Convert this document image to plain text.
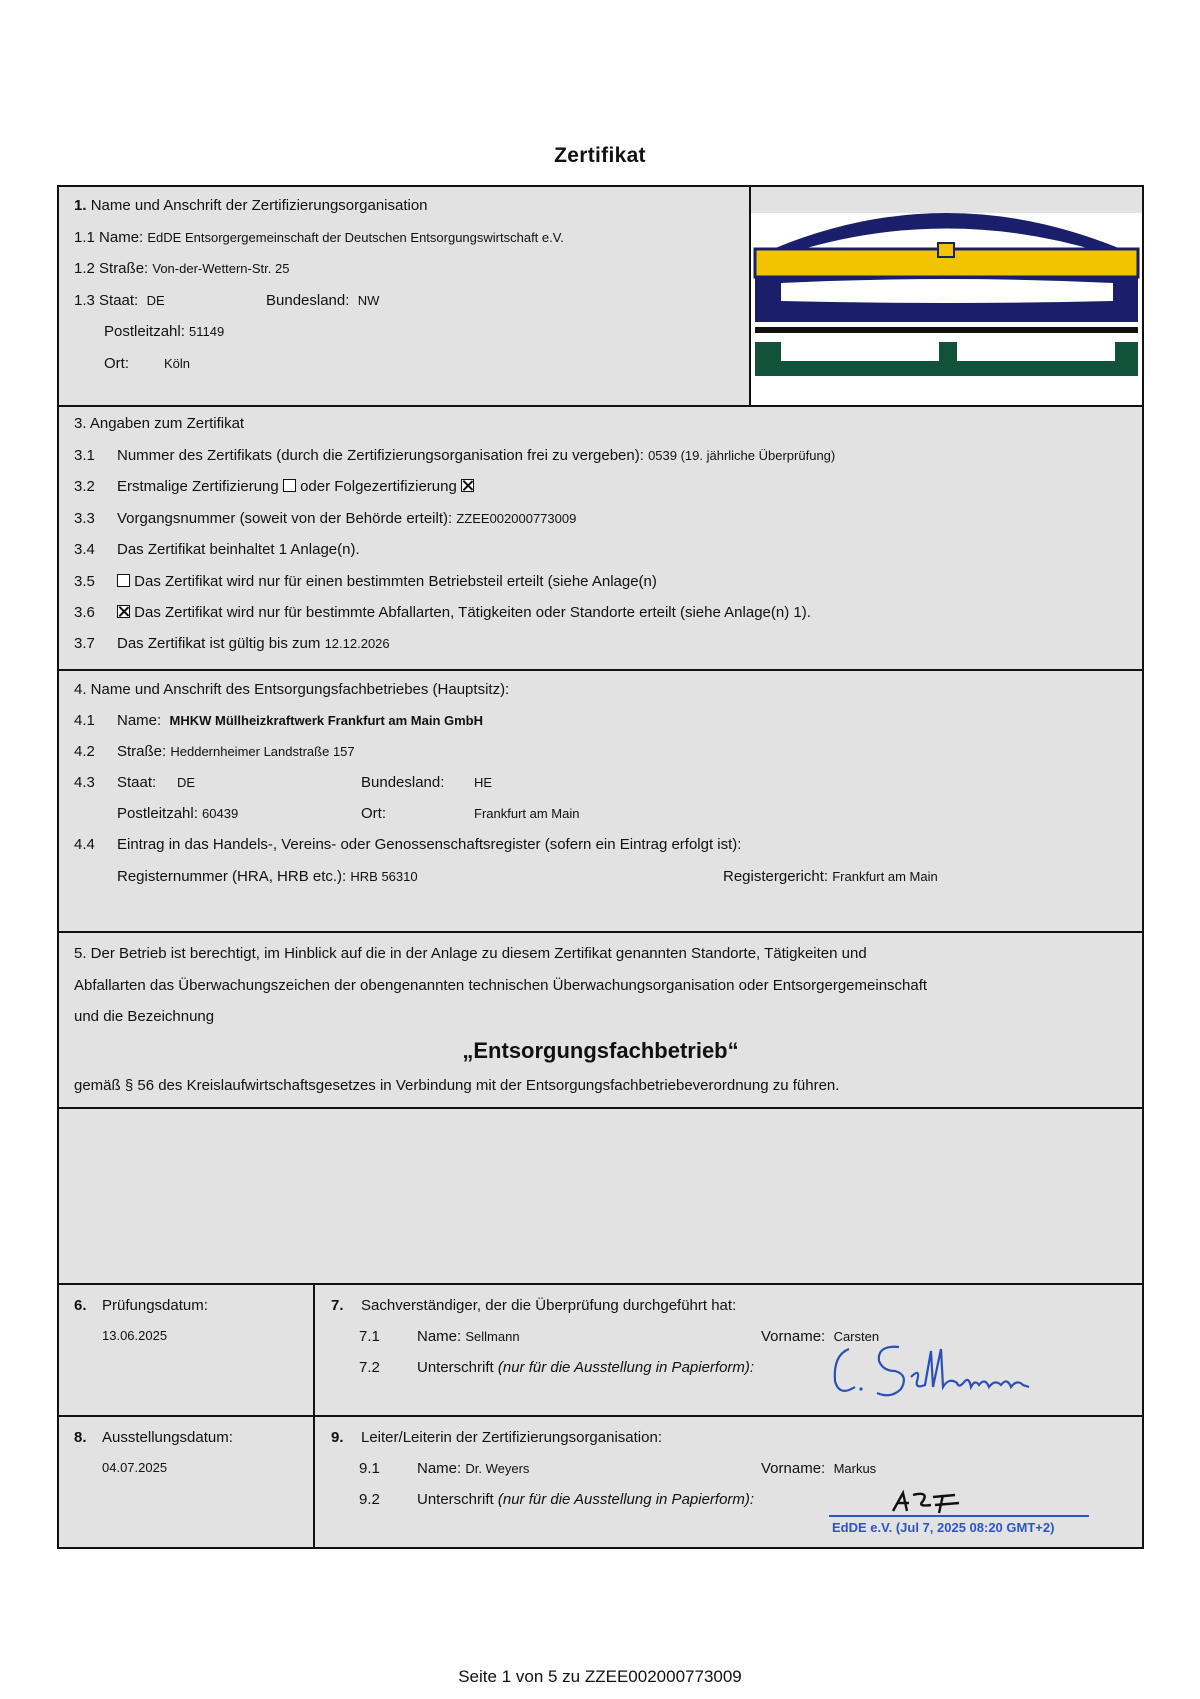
Zertifikat
1. Name und Anschrift der Zertifizierungsorganisation
1.1 Name: EdDE Entsorgergemeinschaft der Deutschen Entsorgungswirtschaft e.V.
1.2 Straße: Von-der-Wettern-Str. 25
1.3 Staat: DE	Bundesland: NW
Postleitzahl: 51149
Ort:	Köln
3. Angaben zum Zertifikat
3.1 Nummer des Zertifikats (durch die Zertifizierungsorganisation frei zu vergeben): 0539 (19. jährliche Überprüfung)
3.2 Erstmalige Zertifizierung oder Folgezertifizierung
3.3 Vorgangsnummer (soweit von der Behörde erteilt): ZZEE002000773009
3.4 Das Zertifikat beinhaltet 1 Anlage(n).
3.5	Das Zertifikat wird nur für einen bestimmten Betriebsteil erteilt (siehe Anlage(n)
3.6	Das Zertifikat wird nur für bestimmte Abfallarten, Tätigkeiten oder Standorte erteilt (siehe Anlage(n) 1).
3.7 Das Zertifikat ist gültig bis zum 12.12.2026
4. Name und Anschrift des Entsorgungsfachbetriebes (Hauptsitz):
4.1 Name: MHKW Müllheizkraftwerk Frankfurt am Main GmbH
4.2 Straße: Heddernheimer Landstraße 157
4.3 Staat: DE	Bundesland: HE
Postleitzahl: 60439	Ort:	Frankfurt am Main
4.4 Eintrag in das Handels-, Vereins- oder Genossenschaftsregister (sofern ein Eintrag erfolgt ist):
Registernummer (HRA, HRB etc.): HRB 56310	Registergericht: Frankfurt am Main
5. Der Betrieb ist berechtigt, im Hinblick auf die in der Anlage zu diesem Zertifikat genannten Standorte, Tätigkeiten und
Abfallarten das Überwachungszeichen der obengenannten technischen Überwachungsorganisation oder Entsorgergemeinschaft
und die Bezeichnung
„Entsorgungsfachbetrieb“
gemäß § 56 des Kreislaufwirtschaftsgesetzes in Verbindung mit der Entsorgungsfachbetriebeverordnung zu führen.
6. Prüfungsdatum:
13.06.2025
7. Sachverständiger, der die Überprüfung durchgeführt hat:
7.1 Name: Sellmann	Vorname: Carsten
7.2 Unterschrift (nur für die Ausstellung in Papierform):
8. Ausstellungsdatum:
04.07.2025
9. Leiter/Leiterin der Zertifizierungsorganisation:
9.1 Name: Dr. Weyers	Vorname: Markus
9.2 Unterschrift (nur für die Ausstellung in Papierform):
EdDE e.V. (Jul 7, 2025 08:20 GMT+2)
Seite 1 von 5 zu ZZEE002000773009
